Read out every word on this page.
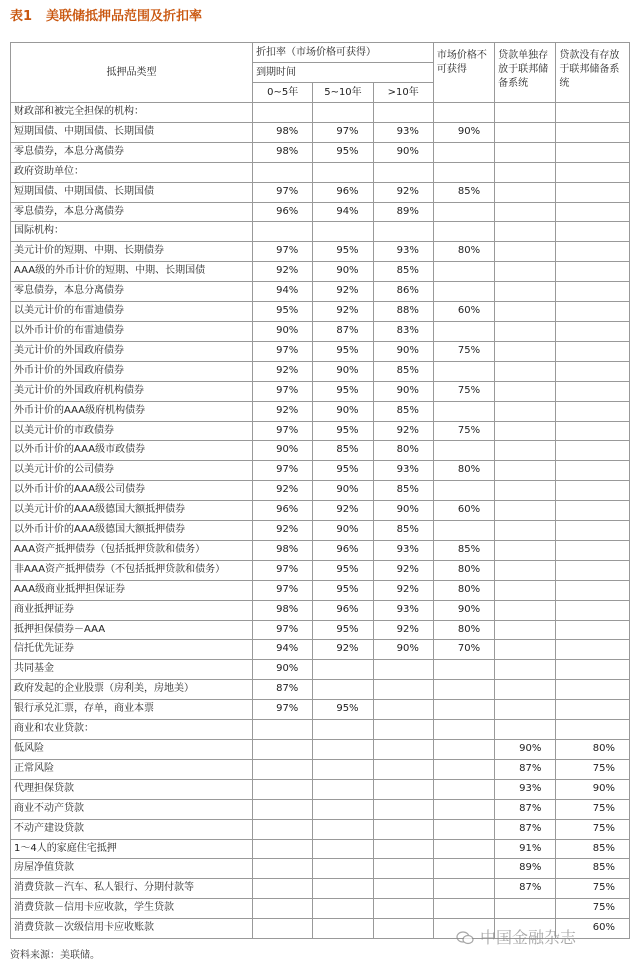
表1 美联储抵押品范围及折扣率
抵押品类型	折扣率（市场价格可获得）			市场价格不可获得	贷款单独存放于联邦储备系统	贷款没有存放于联邦储备系统
	到期时间					
	0~5年	5~10年	>10年			
财政部和被完全担保的机构：						
短期国债、中期国债、长期国债	98%	97%	93%	90%		
零息债券，本息分离债券	98%	95%	90%			
政府资助单位：						
短期国债、中期国债、长期国债	97%	96%	92%	85%		
零息债券，本息分离债券	96%	94%	89%			
国际机构：						
美元计价的短期、中期、长期债券	97%	95%	93%	80%		
AAA级的外币计价的短期、中期、长期国债	92%	90%	85%			
零息债券，本息分离债券	94%	92%	86%			
以美元计价的布雷迪债券	95%	92%	88%	60%		
以外币计价的布雷迪债券	90%	87%	83%			
美元计价的外国政府债券	97%	95%	90%	75%		
外币计价的外国政府债券	92%	90%	85%			
美元计价的外国政府机构债券	97%	95%	90%	75%		
外币计价的AAA级府机构债券	92%	90%	85%			
以美元计价的市政债券	97%	95%	92%	75%		
以外币计价的AAA级市政债券	90%	85%	80%			
以美元计价的公司债券	97%	95%	93%	80%		
以外币计价的AAA级公司债券	92%	90%	85%			
以美元计价的AAA级德国大额抵押债券	96%	92%	90%	60%		
以外币计价的AAA级德国大额抵押债券	92%	90%	85%			
AAA资产抵押债券（包括抵押贷款和债务）	98%	96%	93%	85%		
非AAA资产抵押债券（不包括抵押贷款和债务）	97%	95%	92%	80%		
AAA级商业抵押担保证券	97%	95%	92%	80%		
商业抵押证券	98%	96%	93%	90%		
抵押担保债券－AAA	97%	95%	92%	80%		
信托优先证券	94%	92%	90%	70%		
共同基金	90%					
政府发起的企业股票（房利美，房地美）	87%					
银行承兑汇票，存单，商业本票	97%	95%				
商业和农业贷款：						
低风险					90%	80%
正常风险					87%	75%
代理担保贷款					93%	90%
商业不动产贷款					87%	75%
不动产建设贷款					87%	75%
1～4人的家庭住宅抵押					91%	85%
房屋净值贷款					89%	85%
消费贷款－汽车、私人银行、分期付款等					87%	75%
消费贷款－信用卡应收款，学生贷款						75%
消费贷款－次级信用卡应收账款						60%
资料来源：美联储。
中国金融杂志
